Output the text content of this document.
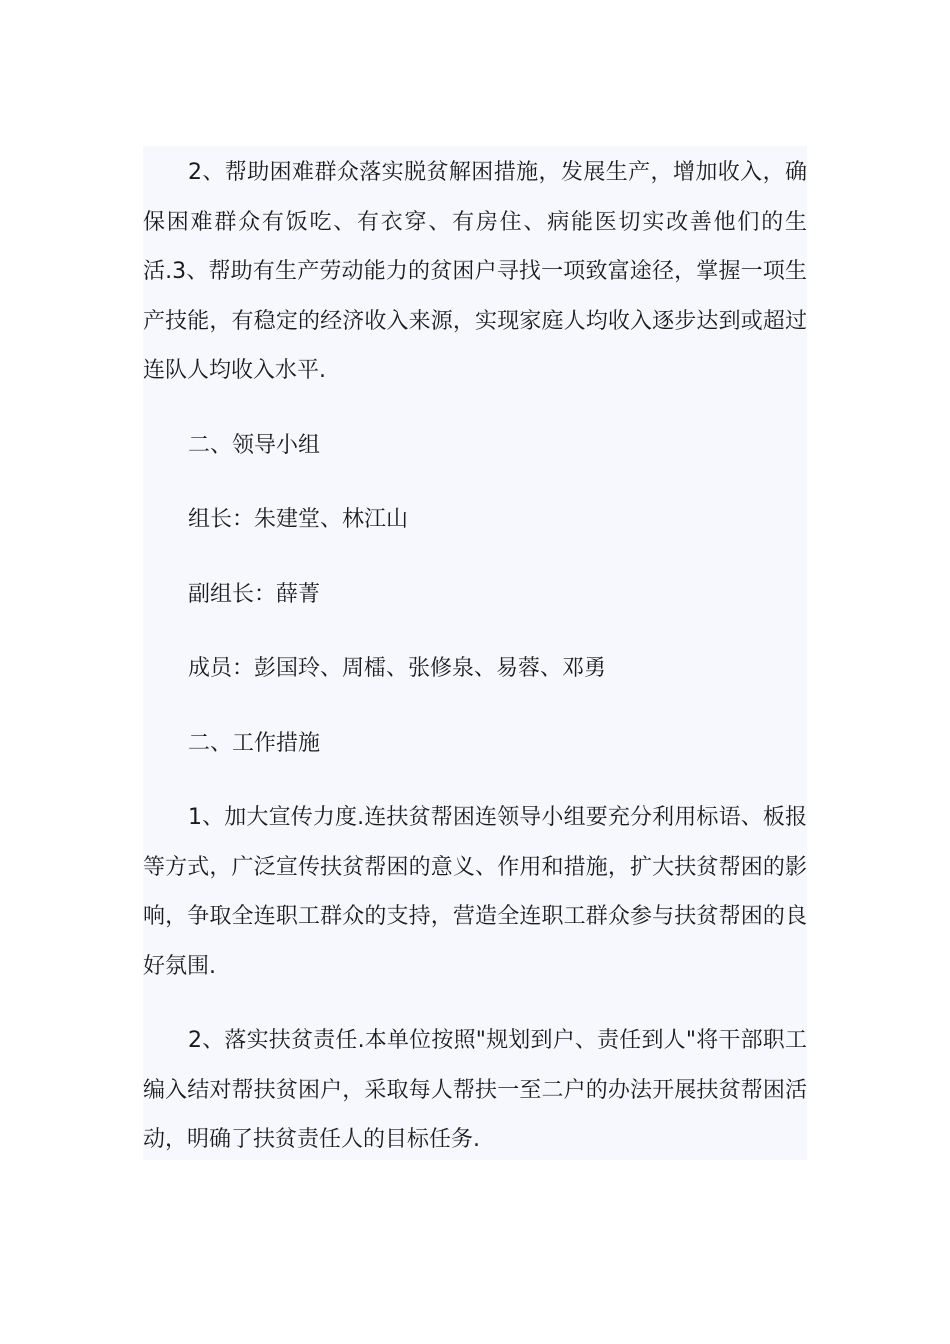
2、帮助困难群众落实脱贫解困措施，发展生产，增加收入，确保困难群众有饭吃、有衣穿、有房住、病能医切实改善他们的生活.3、帮助有生产劳动能力的贫困户寻找一项致富途径，掌握一项生产技能，有稳定的经济收入来源，实现家庭人均收入逐步达到或超过连队人均收入水平.

二、领导小组

组长：朱建堂、林江山

副组长：薛菁

成员：彭国玲、周檑、张修泉、易蓉、邓勇

二、工作措施

1、加大宣传力度.连扶贫帮困连领导小组要充分利用标语、板报等方式，广泛宣传扶贫帮困的意义、作用和措施，扩大扶贫帮困的影响，争取全连职工群众的支持，营造全连职工群众参与扶贫帮困的良好氛围.

2、落实扶贫责任.本单位按照"规划到户、责任到人"将干部职工编入结对帮扶贫困户，采取每人帮扶一至二户的办法开展扶贫帮困活动，明确了扶贫责任人的目标任务.
